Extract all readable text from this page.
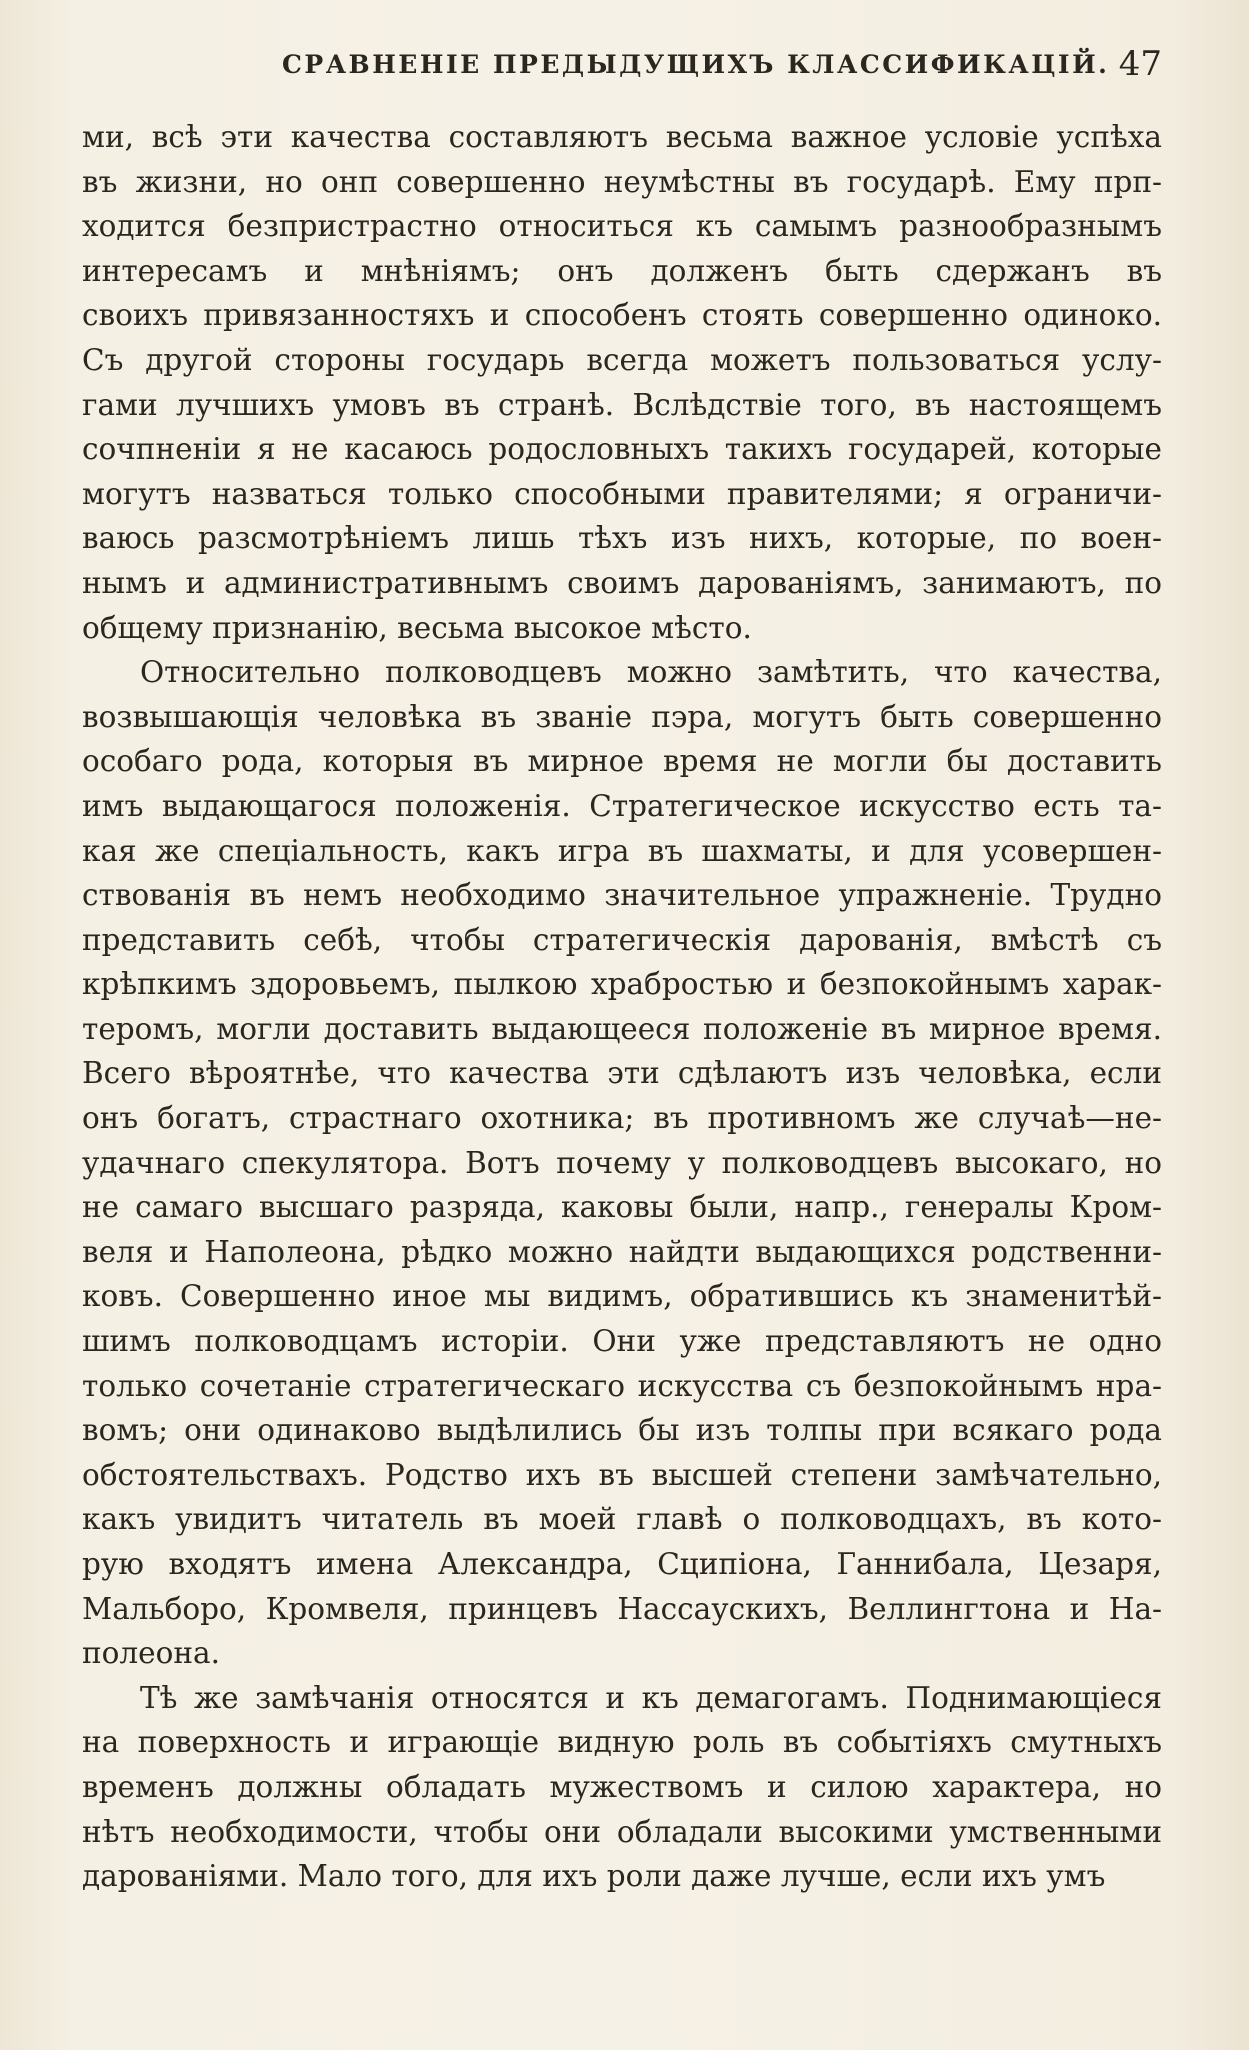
СРАВНЕНІЕ ПРЕДЫДУЩИХЪ КЛАССИФИКАЦІЙ. 47
ми, всѣ эти качества составляютъ весьма важное условіе успѣха
въ жизни, но онп совершенно неумѣстны въ государѣ. Ему прп-
ходится безпристрастно относиться къ самымъ разнообразнымъ
интересамъ и мнѣніямъ; онъ долженъ быть сдержанъ въ
своихъ привязанностяхъ и способенъ стоять совершенно одиноко.
Съ другой стороны государь всегда можетъ пользоваться услу-
гами лучшихъ умовъ въ странѣ. Вслѣдствіе того, въ настоящемъ
сочпненіи я не касаюсь родословныхъ такихъ государей, которые
могутъ назваться только способными правителями; я ограничи-
ваюсь разсмотрѣніемъ лишь тѣхъ изъ нихъ, которые, по воен-
нымъ и административнымъ своимъ дарованіямъ, занимаютъ, по
общему признанію, весьма высокое мѣсто.
Относительно полководцевъ можно замѣтить, что качества,
возвышающія человѣка въ званіе пэра, могутъ быть совершенно
особаго рода, которыя въ мирное время не могли бы доставить
имъ выдающагося положенія. Стратегическое искусство есть та-
кая же спеціальность, какъ игра въ шахматы, и для усовершен-
ствованія въ немъ необходимо значительное упражненіе. Трудно
представить себѣ, чтобы стратегическія дарованія, вмѣстѣ съ
крѣпкимъ здоровьемъ, пылкою храбростью и безпокойнымъ харак-
теромъ, могли доставить выдающееся положеніе въ мирное время.
Всего вѣроятнѣе, что качества эти сдѣлаютъ изъ человѣка, если
онъ богатъ, страстнаго охотника; въ противномъ же случаѣ—не-
удачнаго спекулятора. Вотъ почему у полководцевъ высокаго, но
не самаго высшаго разряда, каковы были, напр., генералы Кром-
веля и Наполеона, рѣдко можно найдти выдающихся родственни-
ковъ. Совершенно иное мы видимъ, обратившись къ знаменитѣй-
шимъ полководцамъ исторіи. Они уже представляютъ не одно
только сочетаніе стратегическаго искусства съ безпокойнымъ нра-
вомъ; они одинаково выдѣлились бы изъ толпы при всякаго рода
обстоятельствахъ. Родство ихъ въ высшей степени замѣчательно,
какъ увидитъ читатель въ моей главѣ о полководцахъ, въ кото-
рую входятъ имена Александра, Сципіона, Ганнибала, Цезаря,
Мальборо, Кромвеля, принцевъ Нассаускихъ, Веллингтона и На-
полеона.
Тѣ же замѣчанія относятся и къ демагогамъ. Поднимающіеся
на поверхность и играющіе видную роль въ событіяхъ смутныхъ
временъ должны обладать мужествомъ и силою характера, но
нѣтъ необходимости, чтобы они обладали высокими умственными
дарованіями. Мало того, для ихъ роли даже лучше, если ихъ умъ
